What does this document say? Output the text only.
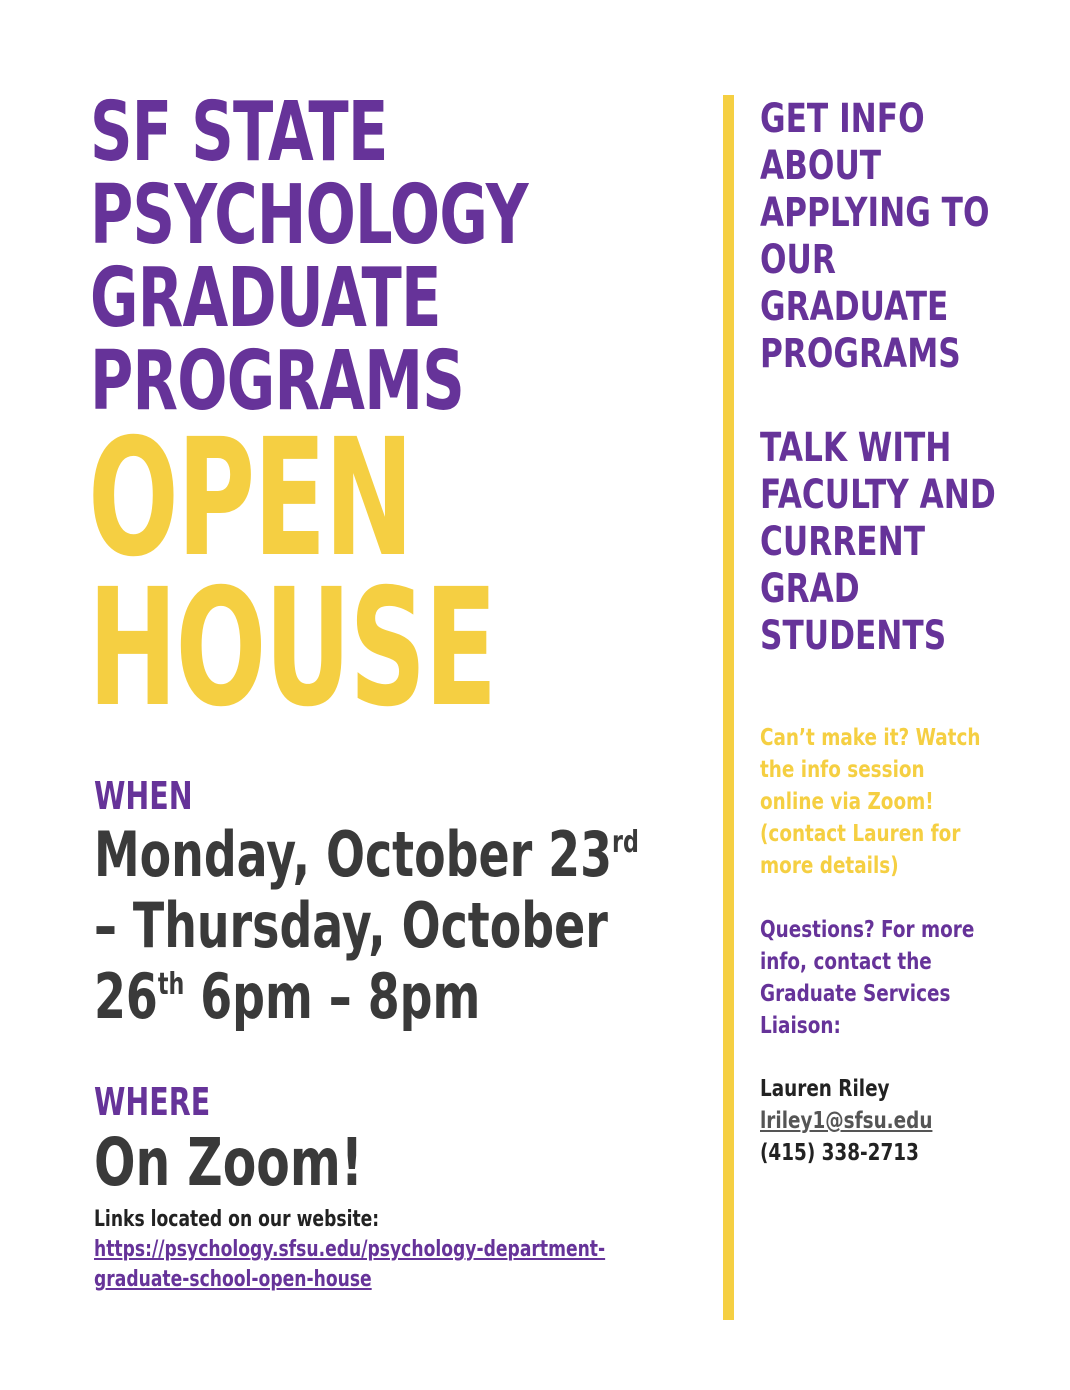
SF STATE

PSYCHOLOGY

GRADUATE

PROGRAMS

OPEN

HOUSE

WHEN

Monday, October 23rd

– Thursday, October

26th 6pm – 8pm

WHERE

On Zoom!

Links located on our website:

https://psychology.sfsu.edu/psychology-department-

graduate-school-open-house

GET INFO

ABOUT

APPLYING TO

OUR

GRADUATE

PROGRAMS

TALK WITH

FACULTY AND

CURRENT

GRAD

STUDENTS

Can’t make it? Watch

the info session

online via Zoom!

(contact Lauren for

more details)

Questions? For more

info, contact the

Graduate Services

Liaison:

Lauren Riley

lriley1@sfsu.edu

(415) 338-2713
